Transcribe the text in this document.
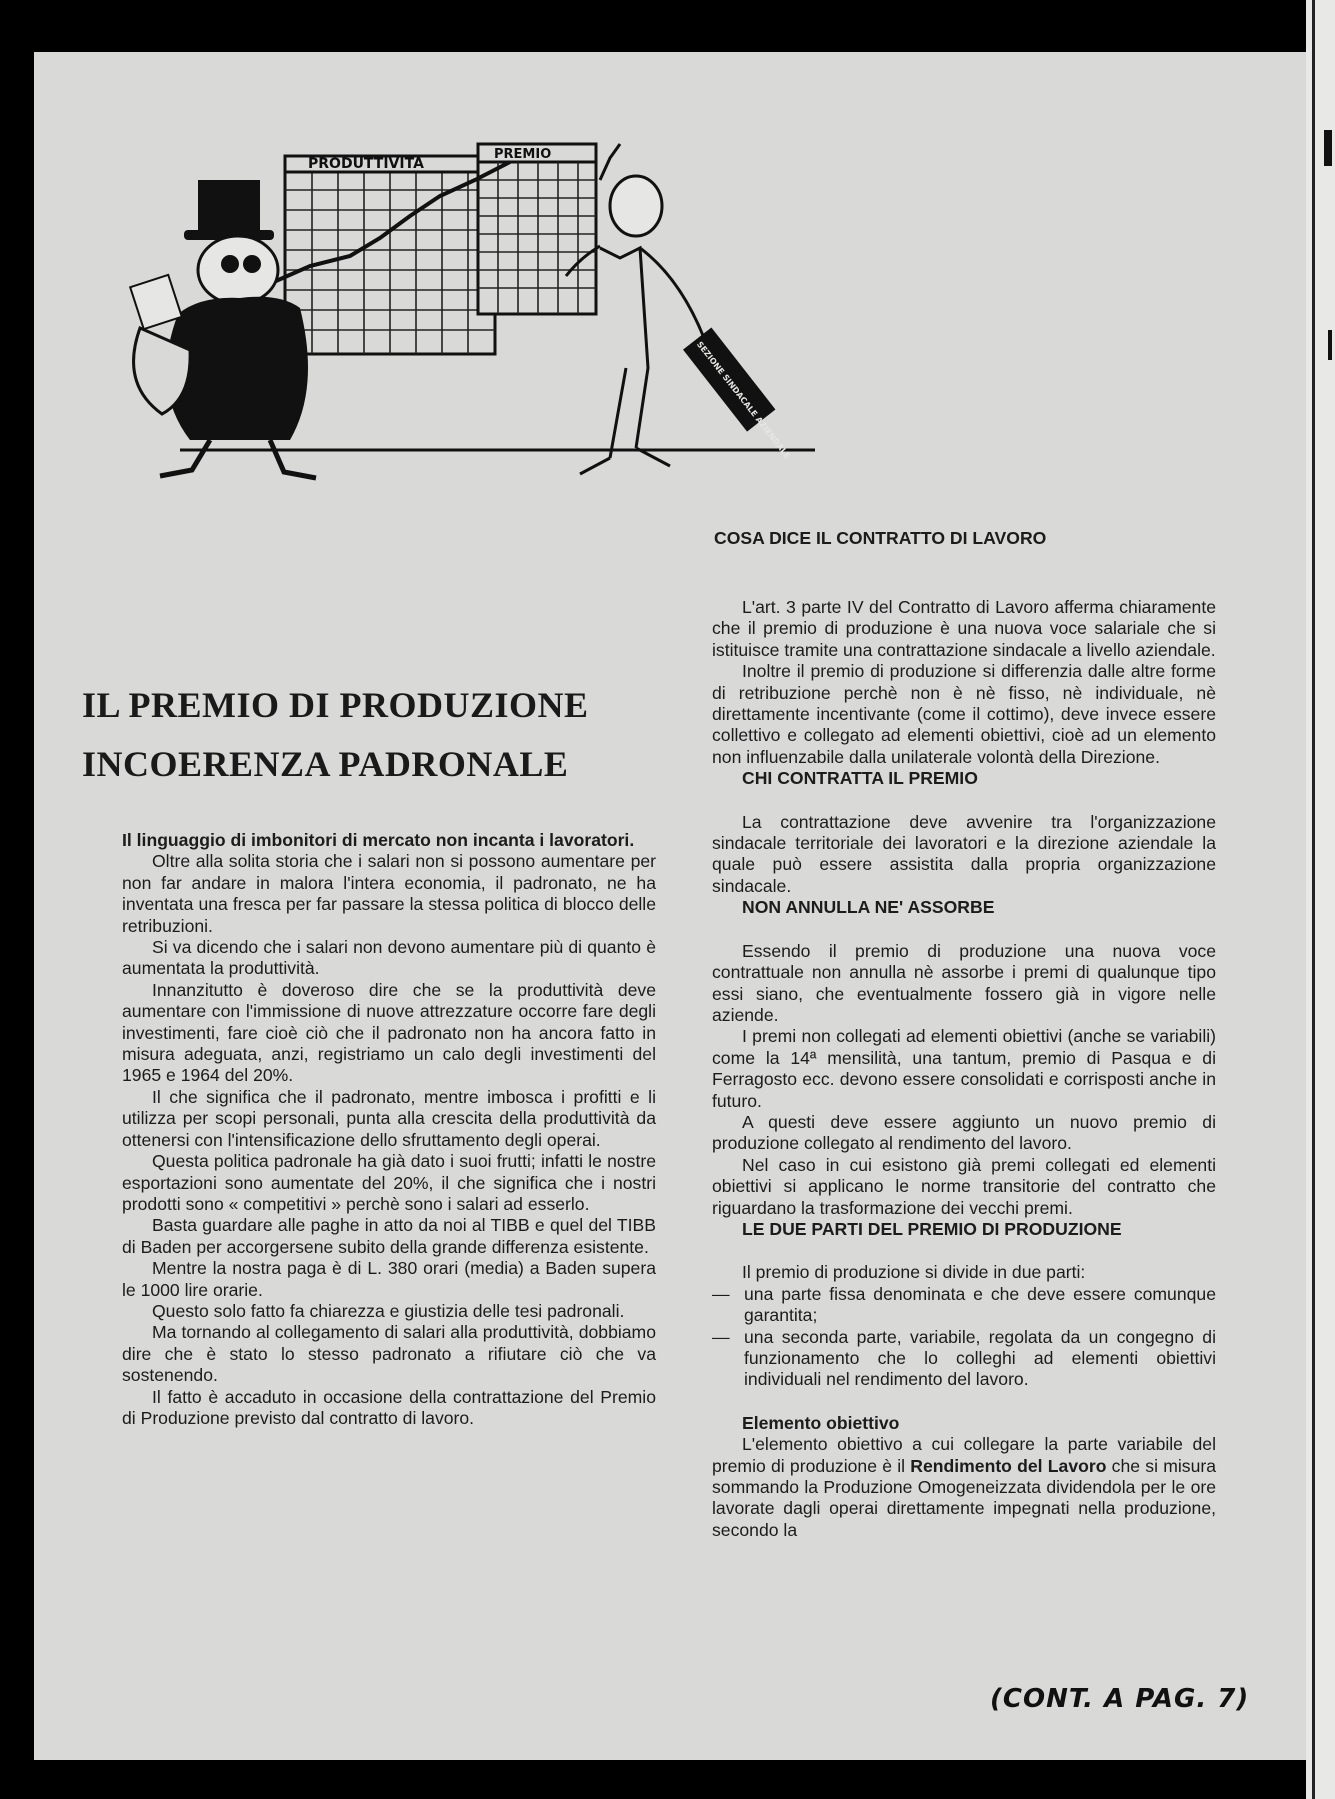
PRODUTTIVITÀ
PREMIO
SEZIONE SINDACALE AZIENDALE
IL PREMIO DI PRODUZIONE
INCOERENZA PADRONALE

Il linguaggio di imbonitori di mercato non incanta i lavoratori.

Oltre alla solita storia che i salari non si possono aumentare per non far andare in malora l'intera economia, il padronato, ne ha inventata una fresca per far passare la stessa politica di blocco delle retribuzioni.

Si va dicendo che i salari non devono aumentare più di quanto è aumentata la produttività.

Innanzitutto è doveroso dire che se la produttività deve aumentare con l'immissione di nuove attrezzature occorre fare degli investimenti, fare cioè ciò che il padronato non ha ancora fatto in misura adeguata, anzi, registriamo un calo degli investimenti del 1965 e 1964 del 20%.

Il che significa che il padronato, mentre imbosca i profitti e li utilizza per scopi personali, punta alla crescita della produttività da ottenersi con l'intensificazione dello sfruttamento degli operai.

Questa politica padronale ha già dato i suoi frutti; infatti le nostre esportazioni sono aumentate del 20%, il che significa che i nostri prodotti sono « competitivi » perchè sono i salari ad esserlo.

Basta guardare alle paghe in atto da noi al TIBB e quel del TIBB di Baden per accorgersene subito della grande differenza esistente.

Mentre la nostra paga è di L. 380 orari (media) a Baden supera le 1000 lire orarie.

Questo solo fatto fa chiarezza e giustizia delle tesi padronali.

Ma tornando al collegamento di salari alla produttività, dobbiamo dire che è stato lo stesso padronato a rifiutare ciò che va sostenendo.

Il fatto è accaduto in occasione della contrattazione del Premio di Produzione previsto dal contratto di lavoro.

COSA DICE IL CONTRATTO DI LAVORO

L'art. 3 parte IV del Contratto di Lavoro afferma chiaramente che il premio di produzione è una nuova voce salariale che si istituisce tramite una contrattazione sindacale a livello aziendale.

Inoltre il premio di produzione si differenzia dalle altre forme di retribuzione perchè non è nè fisso, nè individuale, nè direttamente incentivante (come il cottimo), deve invece essere collettivo e collegato ad elementi obiettivi, cioè ad un elemento non influenzabile dalla unilaterale volontà della Direzione.

CHI CONTRATTA IL PREMIO

La contrattazione deve avvenire tra l'organizzazione sindacale territoriale dei lavoratori e la direzione aziendale la quale può essere assistita dalla propria organizzazione sindacale.

NON ANNULLA NE' ASSORBE

Essendo il premio di produzione una nuova voce contrattuale non annulla nè assorbe i premi di qualunque tipo essi siano, che eventualmente fossero già in vigore nelle aziende.

I premi non collegati ad elementi obiettivi (anche se variabili) come la 14ª mensilità, una tantum, premio di Pasqua e di Ferragosto ecc. devono essere consolidati e corrisposti anche in futuro.

A questi deve essere aggiunto un nuovo premio di produzione collegato al rendimento del lavoro.

Nel caso in cui esistono già premi collegati ed elementi obiettivi si applicano le norme transitorie del contratto che riguardano la trasformazione dei vecchi premi.

LE DUE PARTI DEL PREMIO DI PRODUZIONE

Il premio di produzione si divide in due parti:

— una parte fissa denominata e che deve essere comunque garantita;
— una seconda parte, variabile, regolata da un congegno di funzionamento che lo colleghi ad elementi obiettivi individuali nel rendimento del lavoro.

Elemento obiettivo

L'elemento obiettivo a cui collegare la parte variabile del premio di produzione è il Rendimento del Lavoro che si misura sommando la Produzione Omogeneizzata dividendola per le ore lavorate dagli operai direttamente impegnati nella produzione, secondo la

(CONT. A PAG. 7)
